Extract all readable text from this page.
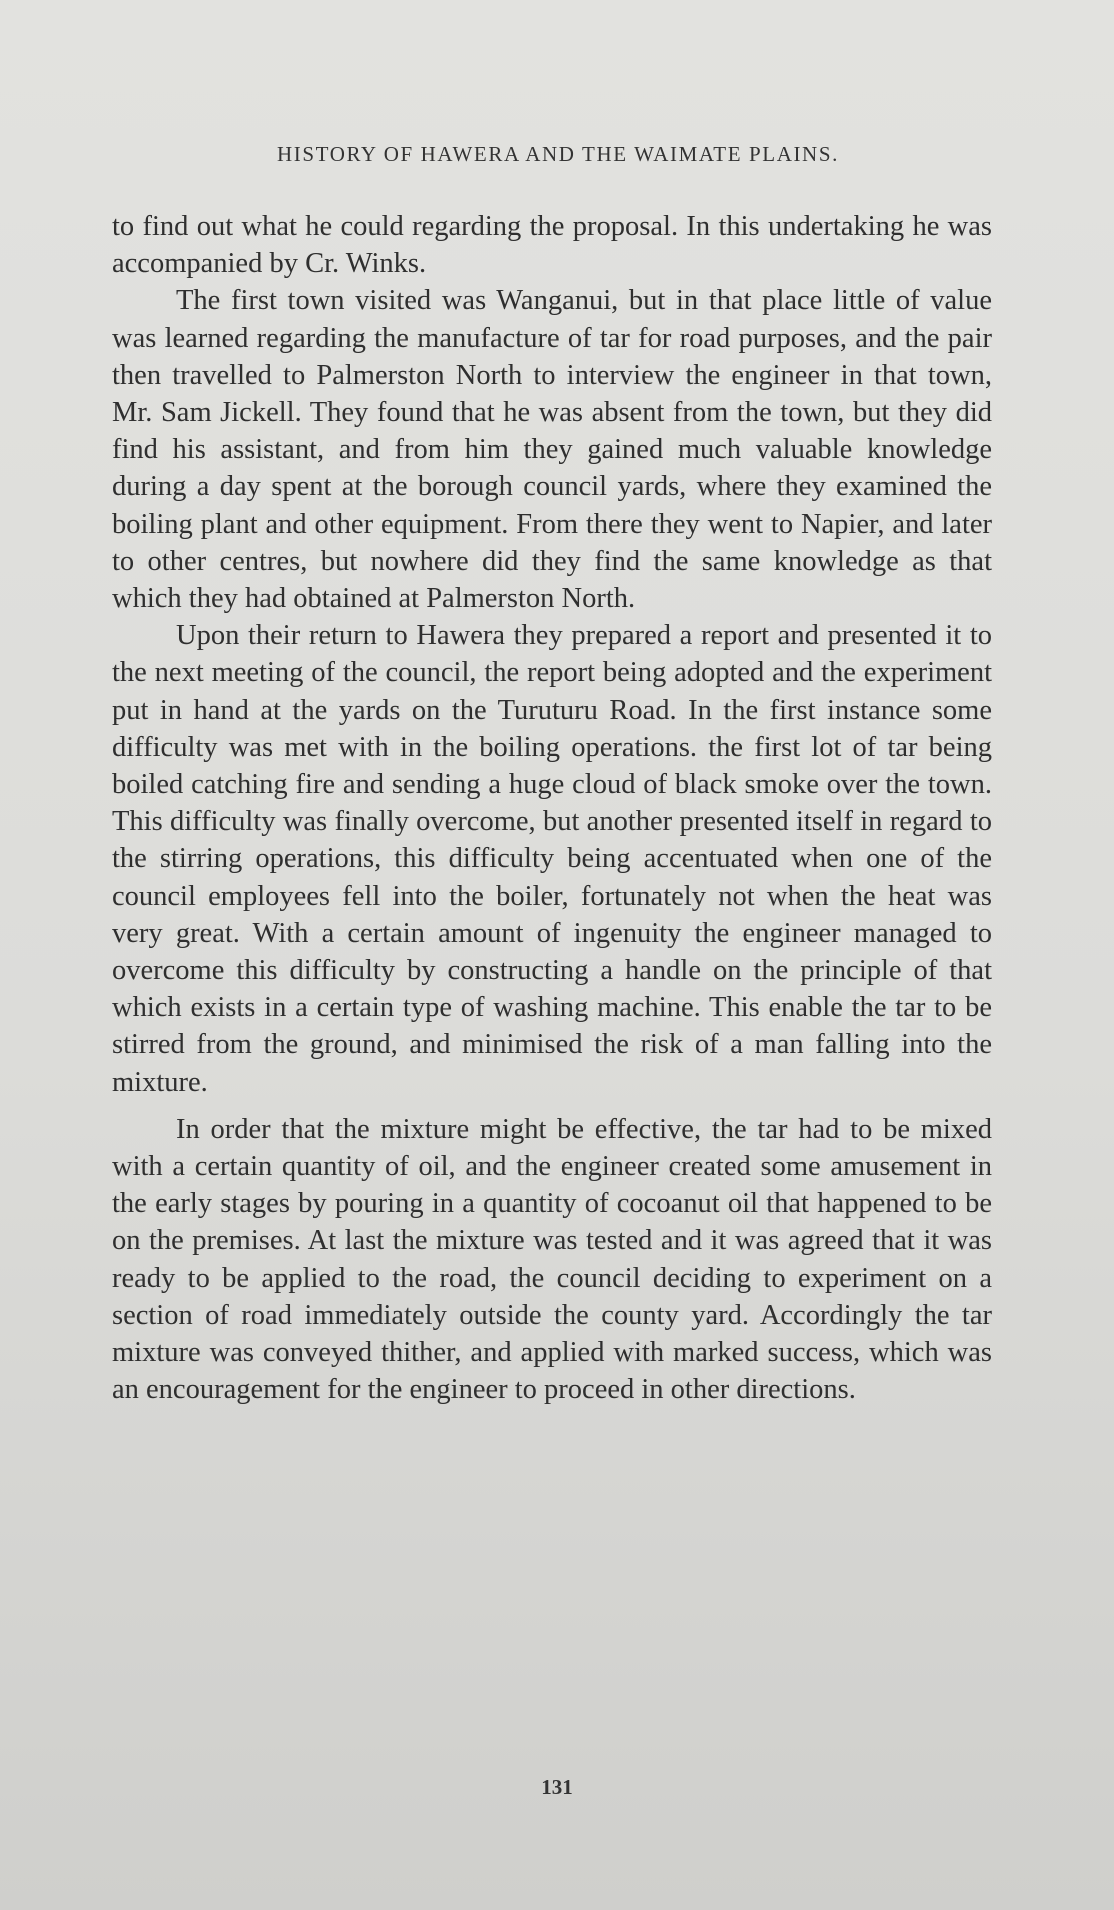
HISTORY OF HAWERA AND THE WAIMATE PLAINS.

to find out what he could regarding the proposal. In this undertaking he was accompanied by Cr. Winks.

The first town visited was Wanganui, but in that place little of value was learned regarding the manufacture of tar for road purposes, and the pair then travelled to Palmerston North to interview the engineer in that town, Mr. Sam Jickell. They found that he was absent from the town, but they did find his assistant, and from him they gained much valuable knowledge during a day spent at the borough council yards, where they examined the boiling plant and other equipment. From there they went to Napier, and later to other centres, but nowhere did they find the same knowledge as that which they had obtained at Palmerston North.

Upon their return to Hawera they prepared a report and presented it to the next meeting of the council, the report being adopted and the experiment put in hand at the yards on the Turuturu Road. In the first instance some difficulty was met with in the boiling operations. the first lot of tar being boiled catching fire and sending a huge cloud of black smoke over the town. This difficulty was finally overcome, but another presented itself in regard to the stirring operations, this difficulty being accentuated when one of the council employees fell into the boiler, fortunately not when the heat was very great. With a certain amount of ingenuity the engineer managed to overcome this difficulty by constructing a handle on the principle of that which exists in a certain type of washing machine. This enable the tar to be stirred from the ground, and minimised the risk of a man falling into the mixture.

In order that the mixture might be effective, the tar had to be mixed with a certain quantity of oil, and the engineer created some amusement in the early stages by pouring in a quantity of cocoanut oil that happened to be on the premises. At last the mixture was tested and it was agreed that it was ready to be applied to the road, the council deciding to experiment on a section of road immediately outside the county yard. Accordingly the tar mixture was conveyed thither, and applied with marked success, which was an encouragement for the engineer to proceed in other directions.

131
